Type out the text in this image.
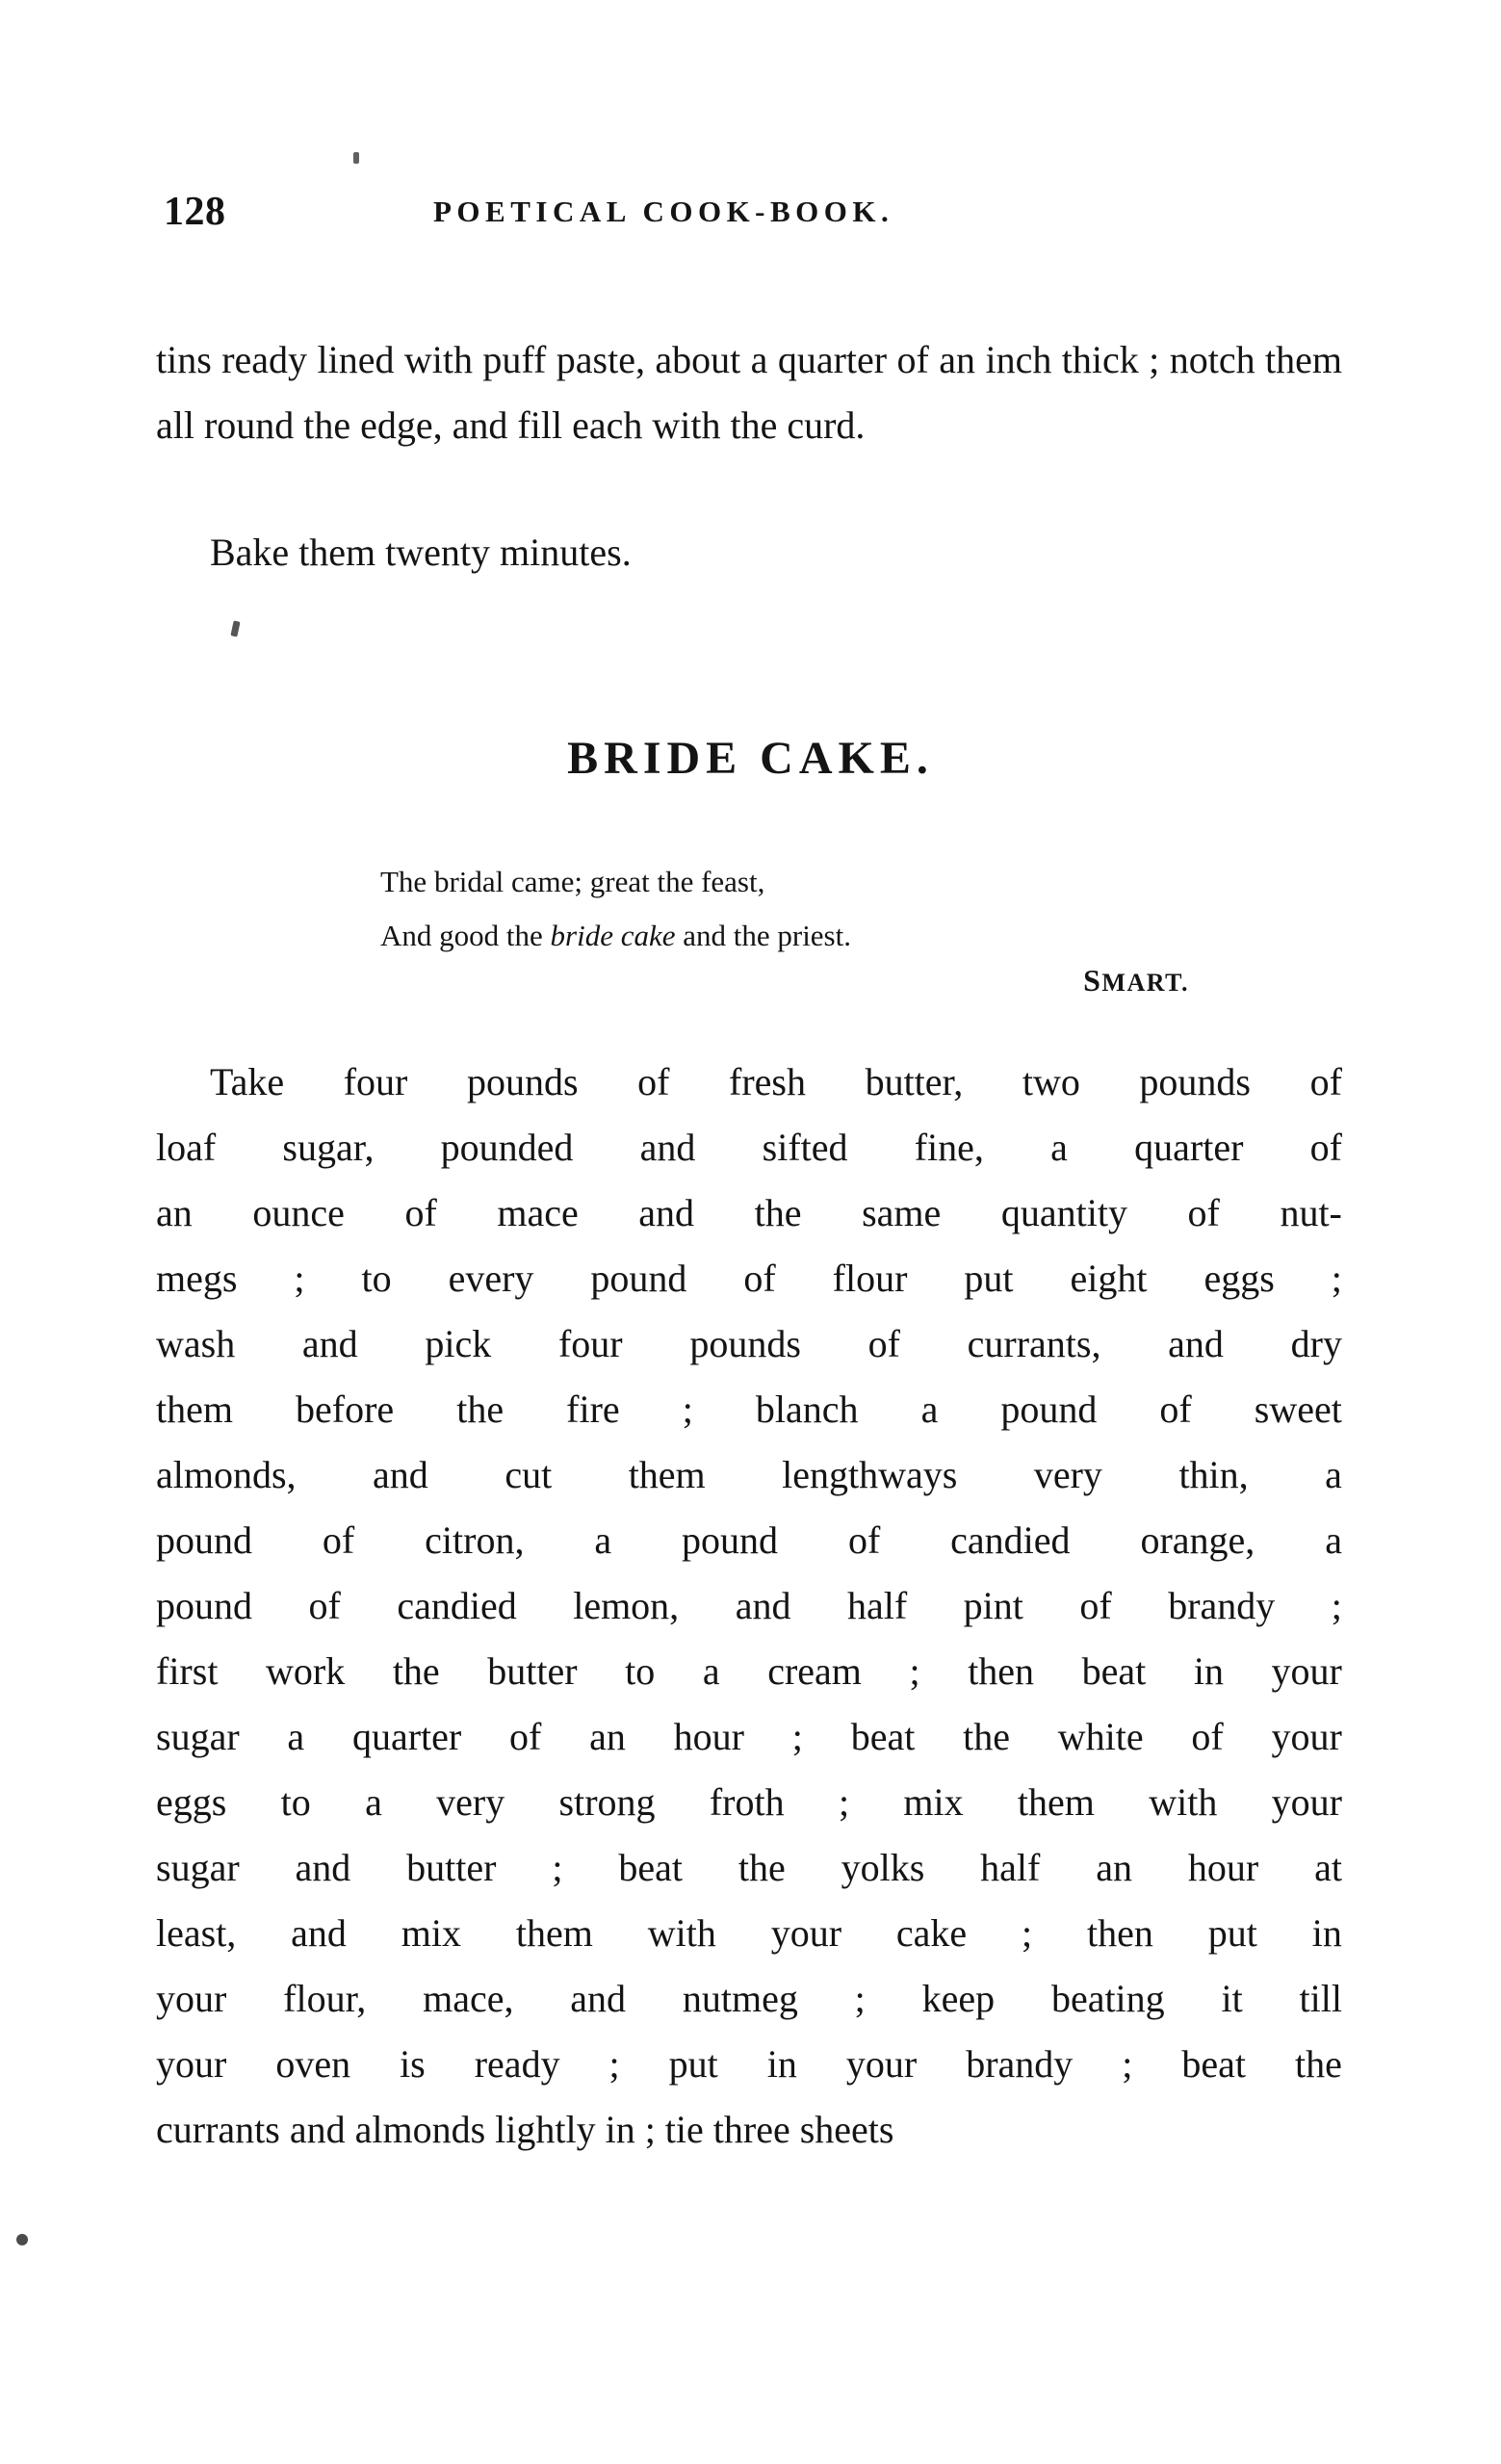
128	POETICAL COOK-BOOK.

tins ready lined with puff paste, about a quarter of an inch thick ; notch them all round the edge, and fill each with the curd.

Bake them twenty minutes.

BRIDE CAKE.
The bridal came; great the feast,
And good the bride cake and the priest.
SMART.
Take four pounds of fresh butter, two pounds of
loaf sugar, pounded and sifted fine, a quarter of
an ounce of mace and the same quantity of nut-
megs ; to every pound of flour put eight eggs ;
wash and pick four pounds of currants, and dry
them before the fire ; blanch a pound of sweet
almonds, and cut them lengthways very thin, a
pound of citron, a pound of candied orange, a
pound of candied lemon, and half pint of brandy ;
first work the butter to a cream ; then beat in your
sugar a quarter of an hour ; beat the white of your
eggs to a very strong froth ; mix them with your
sugar and butter ; beat the yolks half an hour at
least, and mix them with your cake ; then put in
your flour, mace, and nutmeg ; keep beating it till
your oven is ready ; put in your brandy ; beat the
currants and almonds lightly in ; tie three sheets
